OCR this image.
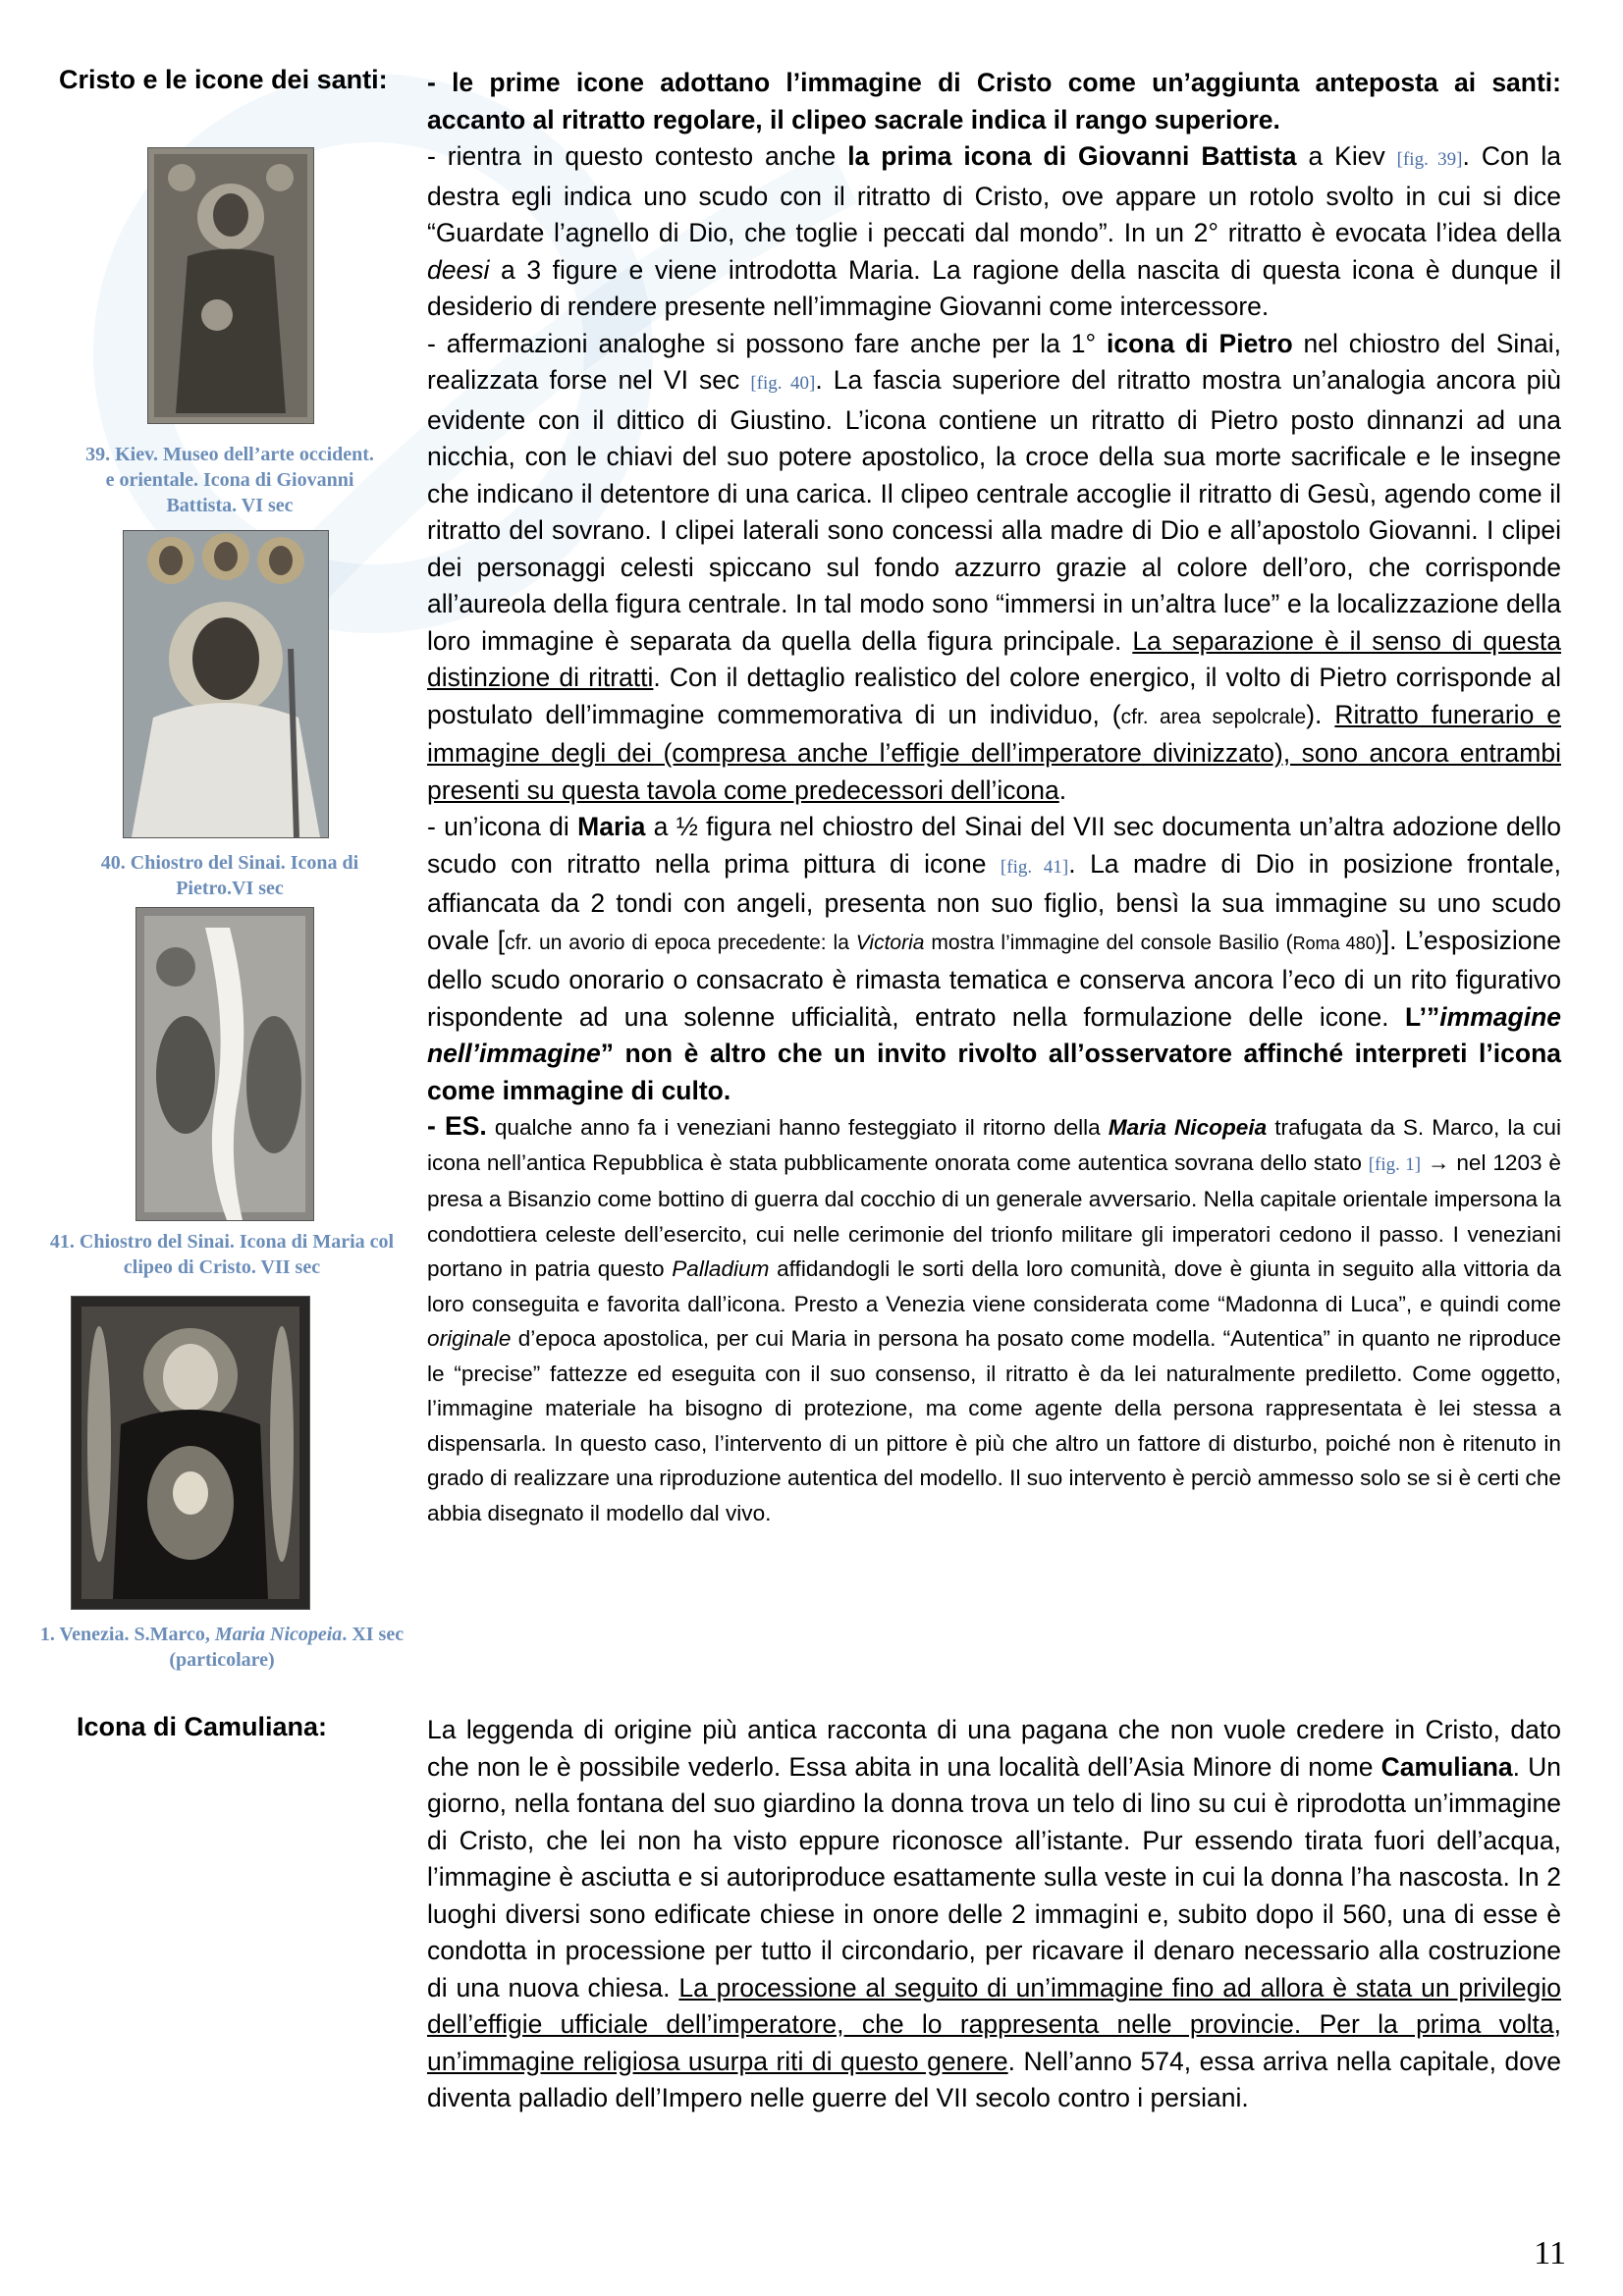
Cristo e le icone dei santi:
39. Kiev. Museo dell’arte occident. e orientale. Icona di Giovanni Battista. VI sec
40. Chiostro del Sinai. Icona di Pietro.VI sec
41. Chiostro del Sinai. Icona di Maria col clipeo di Cristo. VII sec
1. Venezia. S.Marco, Maria Nicopeia. XI sec (particolare)
Icona di Camuliana:

- le prime icone adottano l’immagine di Cristo come un’aggiunta anteposta ai santi: accanto al ritratto regolare, il clipeo sacrale indica il rango superiore.

- rientra in questo contesto anche la prima icona di Giovanni Battista a Kiev [fig. 39]. Con la destra egli indica uno scudo con il ritratto di Cristo, ove appare un rotolo svolto in cui si dice “Guardate l’agnello di Dio, che toglie i peccati dal mondo”. In un 2° ritratto è evocata l’idea della deesi a 3 figure e viene introdotta Maria. La ragione della nascita di questa icona è dunque il desiderio di rendere presente nell’immagine Giovanni come intercessore.

- affermazioni analoghe si possono fare anche per la 1° icona di Pietro nel chiostro del Sinai, realizzata forse nel VI sec [fig. 40]. La fascia superiore del ritratto mostra un’analogia ancora più evidente con il dittico di Giustino. L’icona contiene un ritratto di Pietro posto dinnanzi ad una nicchia, con le chiavi del suo potere apostolico, la croce della sua morte sacrificale e le insegne che indicano il detentore di una carica. Il clipeo centrale accoglie il ritratto di Gesù, agendo come il ritratto del sovrano. I clipei laterali sono concessi alla madre di Dio e all’apostolo Giovanni. I clipei dei personaggi celesti spiccano sul fondo azzurro grazie al colore dell’oro, che corrisponde all’aureola della figura centrale. In tal modo sono “immersi in un’altra luce” e la localizzazione della loro immagine è separata da quella della figura principale. La separazione è il senso di questa distinzione di ritratti. Con il dettaglio realistico del colore energico, il volto di Pietro corrisponde al postulato dell’immagine commemorativa di un individuo, (cfr. area sepolcrale). Ritratto funerario e immagine degli dei (compresa anche l’effigie dell’imperatore divinizzato), sono ancora entrambi presenti su questa tavola come predecessori dell’icona.

- un’icona di Maria a ½ figura nel chiostro del Sinai del VII sec documenta un’altra adozione dello scudo con ritratto nella prima pittura di icone [fig. 41]. La madre di Dio in posizione frontale, affiancata da 2 tondi con angeli, presenta non suo figlio, bensì la sua immagine su uno scudo ovale [cfr. un avorio di epoca precedente: la Victoria mostra l’immagine del console Basilio (Roma 480)]. L’esposizione dello scudo onorario o consacrato è rimasta tematica e conserva ancora l’eco di un rito figurativo rispondente ad una solenne ufficialità, entrato nella formulazione delle icone. L’”immagine nell’immagine” non è altro che un invito rivolto all’osservatore affinché interpreti l’icona come immagine di culto.

- ES. qualche anno fa i veneziani hanno festeggiato il ritorno della Maria Nicopeia trafugata da S. Marco, la cui icona nell’antica Repubblica è stata pubblicamente onorata come autentica sovrana dello stato [fig. 1] → nel 1203 è presa a Bisanzio come bottino di guerra dal cocchio di un generale avversario. Nella capitale orientale impersona la condottiera celeste dell’esercito, cui nelle cerimonie del trionfo militare gli imperatori cedono il passo. I veneziani portano in patria questo Palladium affidandogli le sorti della loro comunità, dove è giunta in seguito alla vittoria da loro conseguita e favorita dall’icona. Presto a Venezia viene considerata come “Madonna di Luca”, e quindi come originale d’epoca apostolica, per cui Maria in persona ha posato come modella. “Autentica” in quanto ne riproduce le “precise” fattezze ed eseguita con il suo consenso, il ritratto è da lei naturalmente prediletto. Come oggetto, l’immagine materiale ha bisogno di protezione, ma come agente della persona rappresentata è lei stessa a dispensarla. In questo caso, l’intervento di un pittore è più che altro un fattore di disturbo, poiché non è ritenuto in grado di realizzare una riproduzione autentica del modello. Il suo intervento è perciò ammesso solo se si è certi che abbia disegnato il modello dal vivo.

La leggenda di origine più antica racconta di una pagana che non vuole credere in Cristo, dato che non le è possibile vederlo. Essa abita in una località dell’Asia Minore di nome Camuliana. Un giorno, nella fontana del suo giardino la donna trova un telo di lino su cui è riprodotta un’immagine di Cristo, che lei non ha visto eppure riconosce all’istante. Pur essendo tirata fuori dell’acqua, l’immagine è asciutta e si autoriproduce esattamente sulla veste in cui la donna l’ha nascosta. In 2 luoghi diversi sono edificate chiese in onore delle 2 immagini e, subito dopo il 560, una di esse è condotta in processione per tutto il circondario, per ricavare il denaro necessario alla costruzione di una nuova chiesa. La processione al seguito di un’immagine fino ad allora è stata un privilegio dell’effigie ufficiale dell’imperatore, che lo rappresenta nelle provincie. Per la prima volta, un’immagine religiosa usurpa riti di questo genere. Nell’anno 574, essa arriva nella capitale, dove diventa palladio dell’Impero nelle guerre del VII secolo contro i persiani.

11
